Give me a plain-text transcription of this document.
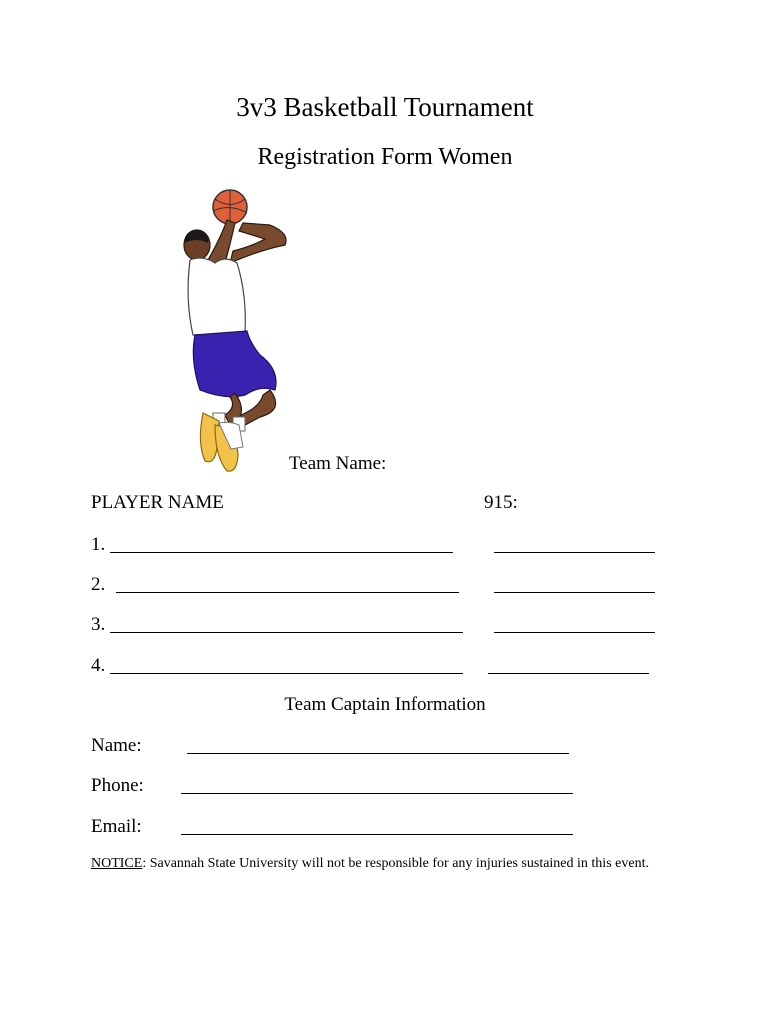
3v3 Basketball Tournament
Registration Form Women
Team Name:
PLAYER NAME	915:
1.
2.
3.
4.
Team Captain Information
Name:
Phone:
Email:
NOTICE: Savannah State University will not be responsible for any injuries sustained in this event.
